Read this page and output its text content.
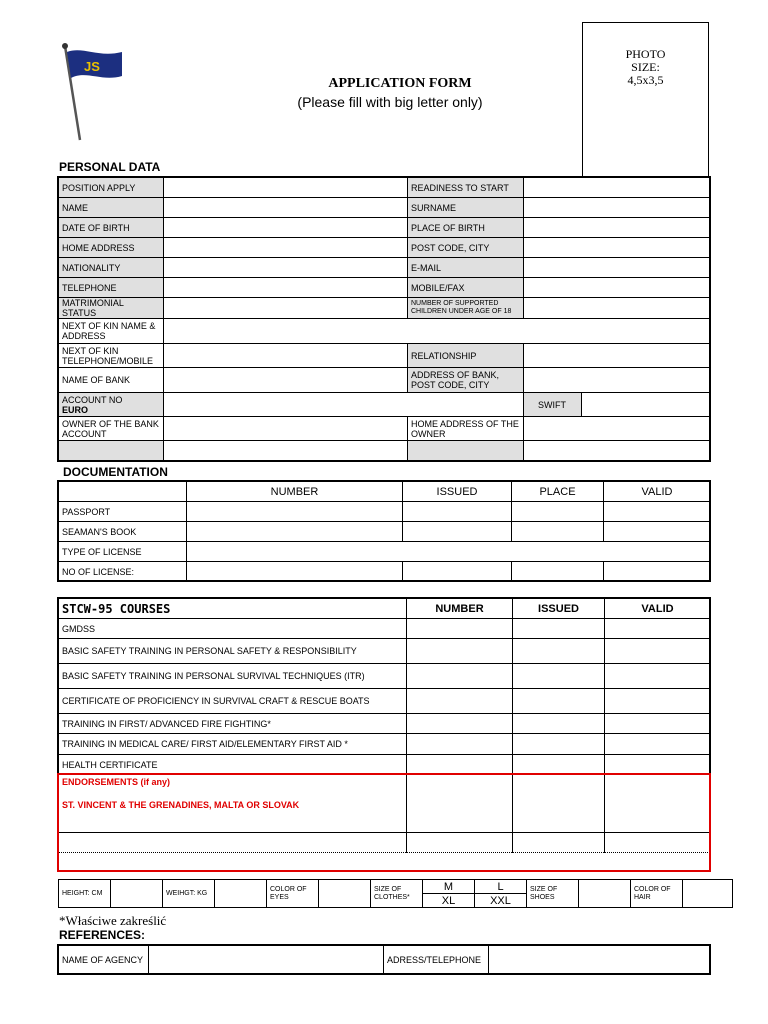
JS
PHOTO
SIZE:
4,5x3,5
APPLICATION FORM
(Please fill with big letter only)
PERSONAL DATA
POSITION APPLY		READINESS TO START		
NAME		SURNAME		
DATE OF BIRTH		PLACE OF BIRTH		
HOME ADDRESS		POST CODE, CITY		
NATIONALITY		E-MAIL		
TELEPHONE		MOBILE/FAX		
MATRIMONIAL STATUS		NUMBER OF SUPPORTED CHILDREN UNDER AGE OF 18		
NEXT OF KIN NAME & ADDRESS				
NEXT OF KIN TELEPHONE/MOBILE		RELATIONSHIP		
NAME OF BANK		ADDRESS OF BANK, POST CODE, CITY		

ACCOUNT NO
EURO			SWIFT	
OWNER OF THE BANK ACCOUNT		HOME ADDRESS OF THE OWNER		

DOCUMENTATION
	NUMBER	ISSUED	PLACE	VALID
PASSPORT				
SEAMAN'S BOOK				
TYPE OF LICENSE				
NO OF LICENSE:				
STCW-95 COURSES	NUMBER	ISSUED	VALID
GMDSS			
BASIC SAFETY TRAINING IN PERSONAL SAFETY & RESPONSIBILITY			
BASIC SAFETY TRAINING IN PERSONAL SURVIVAL TECHNIQUES (ITR)			
CERTIFICATE OF PROFICIENCY IN SURVIVAL CRAFT & RESCUE BOATS			
TRAINING IN FIRST/ ADVANCED FIRE FIGHTING*			
TRAINING IN MEDICAL CARE/ FIRST AID/ELEMENTARY FIRST AID *			
HEALTH CERTIFICATE			

ENDORSEMENTS (if any)
ST. VINCENT & THE GRENADINES, MALTA OR SLOVAK			

HEIGHT: CM		WEIHGT: KG		COLOR OF EYES		SIZE OF CLOTHES*	M	L	SIZE OF SHOES		COLOR OF HAIR	
							XL	XXL				
*Właściwe zakreślić
REFERENCES:
NAME OF AGENCY		ADRESS/TELEPHONE	
